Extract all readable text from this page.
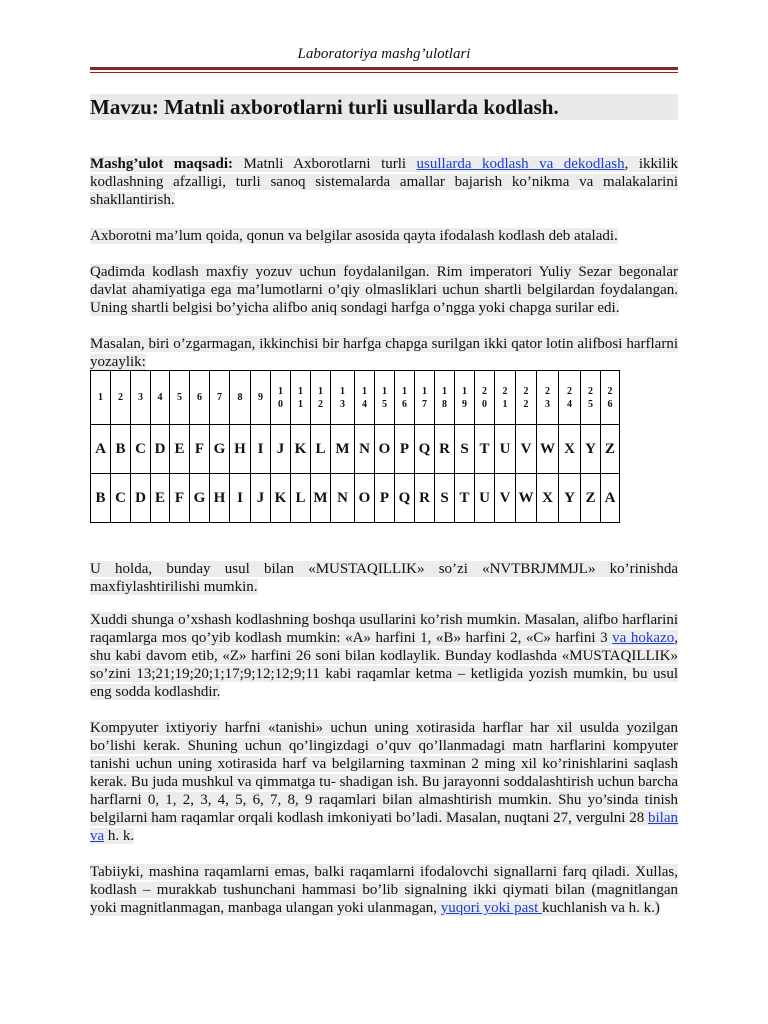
Laboratoriya mashg’ulotlari
Mavzu: Matnli axborotlarni turli usullarda kodlash.
Mashg’ulot maqsadi: Matnli Axborotlarni turli usullarda kodlash va dekodlash, ikkilik kodlashning afzalligi, turli sanoq sistemalarda amallar bajarish ko’nikma va malakalarini shakllantirish.
Axborotni ma’lum qoida, qonun va belgilar asosida qayta ifodalash kodlash deb ataladi.
Qadimda kodlash maxfiy yozuv uchun foydalanilgan. Rim imperatori Yuliy Sezar begonalar davlat ahamiyatiga ega ma’lumotlarni o’qiy olmasliklari uchun shartli belgilardan foydalangan. Uning shartli belgisi bo’yicha alifbo aniq sondagi harfga o’ngga yoki chapga surilar edi.
Masalan, biri o’zgarmagan, ikkinchisi bir harfga chapga surilgan ikki qator lotin alifbosi harflarni yozaylik:
1	2	3	4	5	6	7	8	9	10	11	12	13	14	15	16	17	18	19	20	21	22	23	24	25	26
A	B	C	D	E	F	G	H	I	J	K	L	M	N	O	P	Q	R	S	T	U	V	W	X	Y	Z
B	C	D	E	F	G	H	I	J	K	L	M	N	O	P	Q	R	S	T	U	V	W	X	Y	Z	A
U holda, bunday usul bilan «MUSTAQILLIK» so’zi «NVTBRJMMJL» ko’rinishda maxfiylashtirilishi mumkin.
Xuddi shunga o’xshash kodlashning boshqa usullarini ko’rish mumkin. Masalan, alifbo harflarini raqamlarga mos qo’yib kodlash mumkin: «A» harfini 1, «B» harfini 2, «C» harfini 3 va hokazo, shu kabi davom etib, «Z» harfini 26 soni bilan kodlaylik. Bunday kodlashda «MUSTAQILLIK» so’zini 13;21;19;20;1;17;9;12;12;9;11 kabi raqamlar ketma – ketligida yozish mumkin, bu usul eng sodda kodlashdir.
Kompyuter ixtiyoriy harfni «tanishi» uchun uning xotirasida harflar har xil usulda yozilgan bo’lishi kerak. Shuning uchun qo’lingizdagi o’quv qo’llanmadagi matn harflarini kompyuter tanishi uchun uning xotirasida harf va belgilarning taxminan 2 ming xil ko’rinishlarini saqlash kerak. Bu juda mushkul va qimmatga tu- shadigan ish. Bu jarayonni soddalashtirish uchun barcha harflarni 0, 1, 2, 3, 4, 5, 6, 7, 8, 9 raqamlari bilan almashtirish mumkin. Shu yo’sinda tinish belgilarni ham raqamlar orqali kodlash imkoniyati bo’ladi. Masalan, nuqtani 27, vergulni 28 bilan va h. k.
Tabiiyki, mashina raqamlarni emas, balki raqamlarni ifodalovchi signallarni farq qiladi. Xullas, kodlash – murakkab tushunchani hammasi bo’lib signalning ikki qiymati bilan (magnitlangan yoki magnitlanmagan, manbaga ulangan yoki ulanmagan, yuqori yoki past kuchlanish va h. k.)
